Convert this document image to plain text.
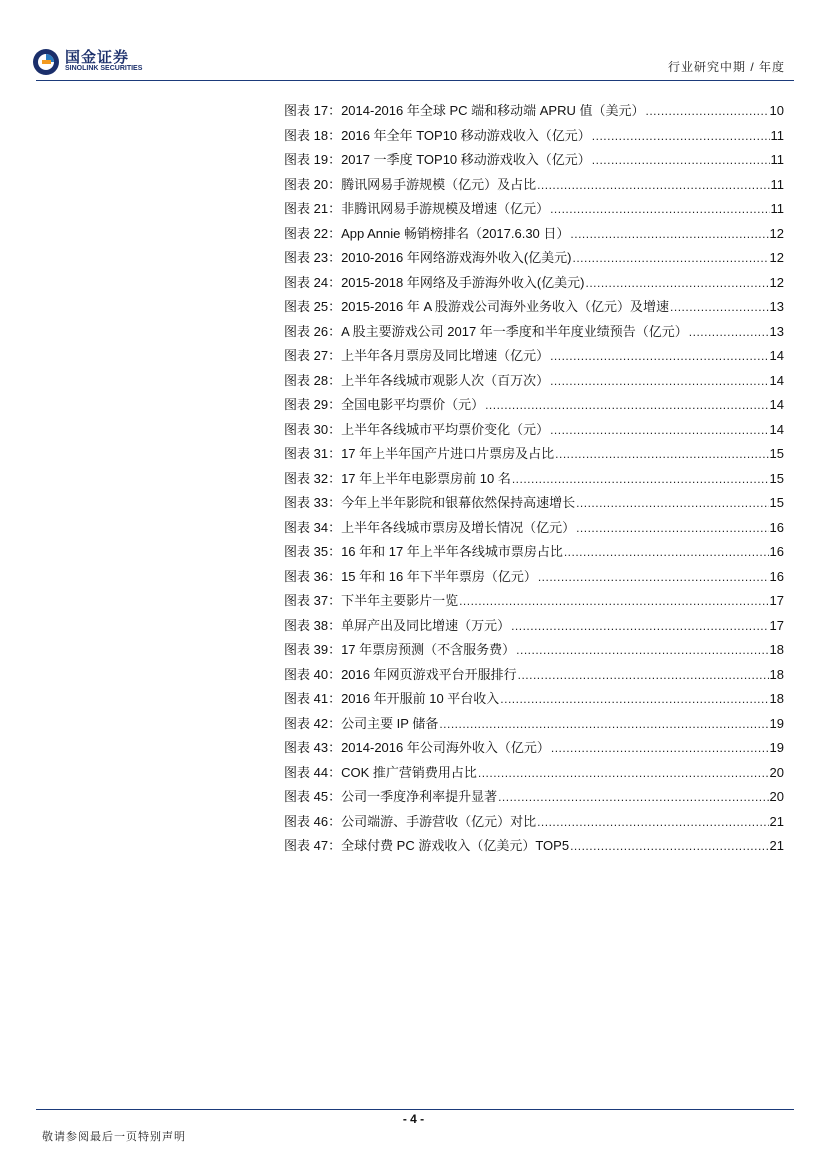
国金证券
SINOLINK SECURITIES	行业研究中期 / 年度
图表 17：2014-2016 年全球 PC 端和移动端 APRU 值（美元） .....	10
图表 18：2016 年全年 TOP10 移动游戏收入（亿元） .....	11
图表 19：2017 一季度 TOP10 移动游戏收入（亿元） .....	11
图表 20：腾讯网易手游规模（亿元）及占比 .....	11
图表 21：非腾讯网易手游规模及增速（亿元） .....	11
图表 22：App Annie 畅销榜排名（2017.6.30 日） .....	12
图表 23：2010-2016 年网络游戏海外收入(亿美元) .....	12
图表 24：2015-2018 年网络及手游海外收入(亿美元) .....	12
图表 25：2015-2016 年 A 股游戏公司海外业务收入（亿元）及增速 .....	13
图表 26：A 股主要游戏公司 2017 年一季度和半年度业绩预告（亿元） .....	13
图表 27：上半年各月票房及同比增速（亿元） .....	14
图表 28：上半年各线城市观影人次（百万次） .....	14
图表 29：全国电影平均票价（元） .....	14
图表 30：上半年各线城市平均票价变化（元） .....	14
图表 31：17 年上半年国产片进口片票房及占比 .....	15
图表 32：17 年上半年电影票房前 10 名 .....	15
图表 33：今年上半年影院和银幕依然保持高速增长 .....	15
图表 34：上半年各线城市票房及增长情况（亿元） .....	16
图表 35：16 年和 17 年上半年各线城市票房占比 .....	16
图表 36：15 年和 16 年下半年票房（亿元） .....	16
图表 37：下半年主要影片一览 .....	17
图表 38：单屏产出及同比增速（万元） .....	17
图表 39：17 年票房预测（不含服务费） .....	18
图表 40：2016 年网页游戏平台开服排行 .....	18
图表 41：2016 年开服前 10 平台收入 .....	18
图表 42：公司主要 IP 储备 .....	19
图表 43：2014-2016 年公司海外收入（亿元） .....	19
图表 44：COK 推广营销费用占比 .....	20
图表 45：公司一季度净利率提升显著 .....	20
图表 46：公司端游、手游营收（亿元）对比 .....	21
图表 47：全球付费 PC 游戏收入（亿美元）TOP5 .....	21
- 4 -
敬请参阅最后一页特别声明
